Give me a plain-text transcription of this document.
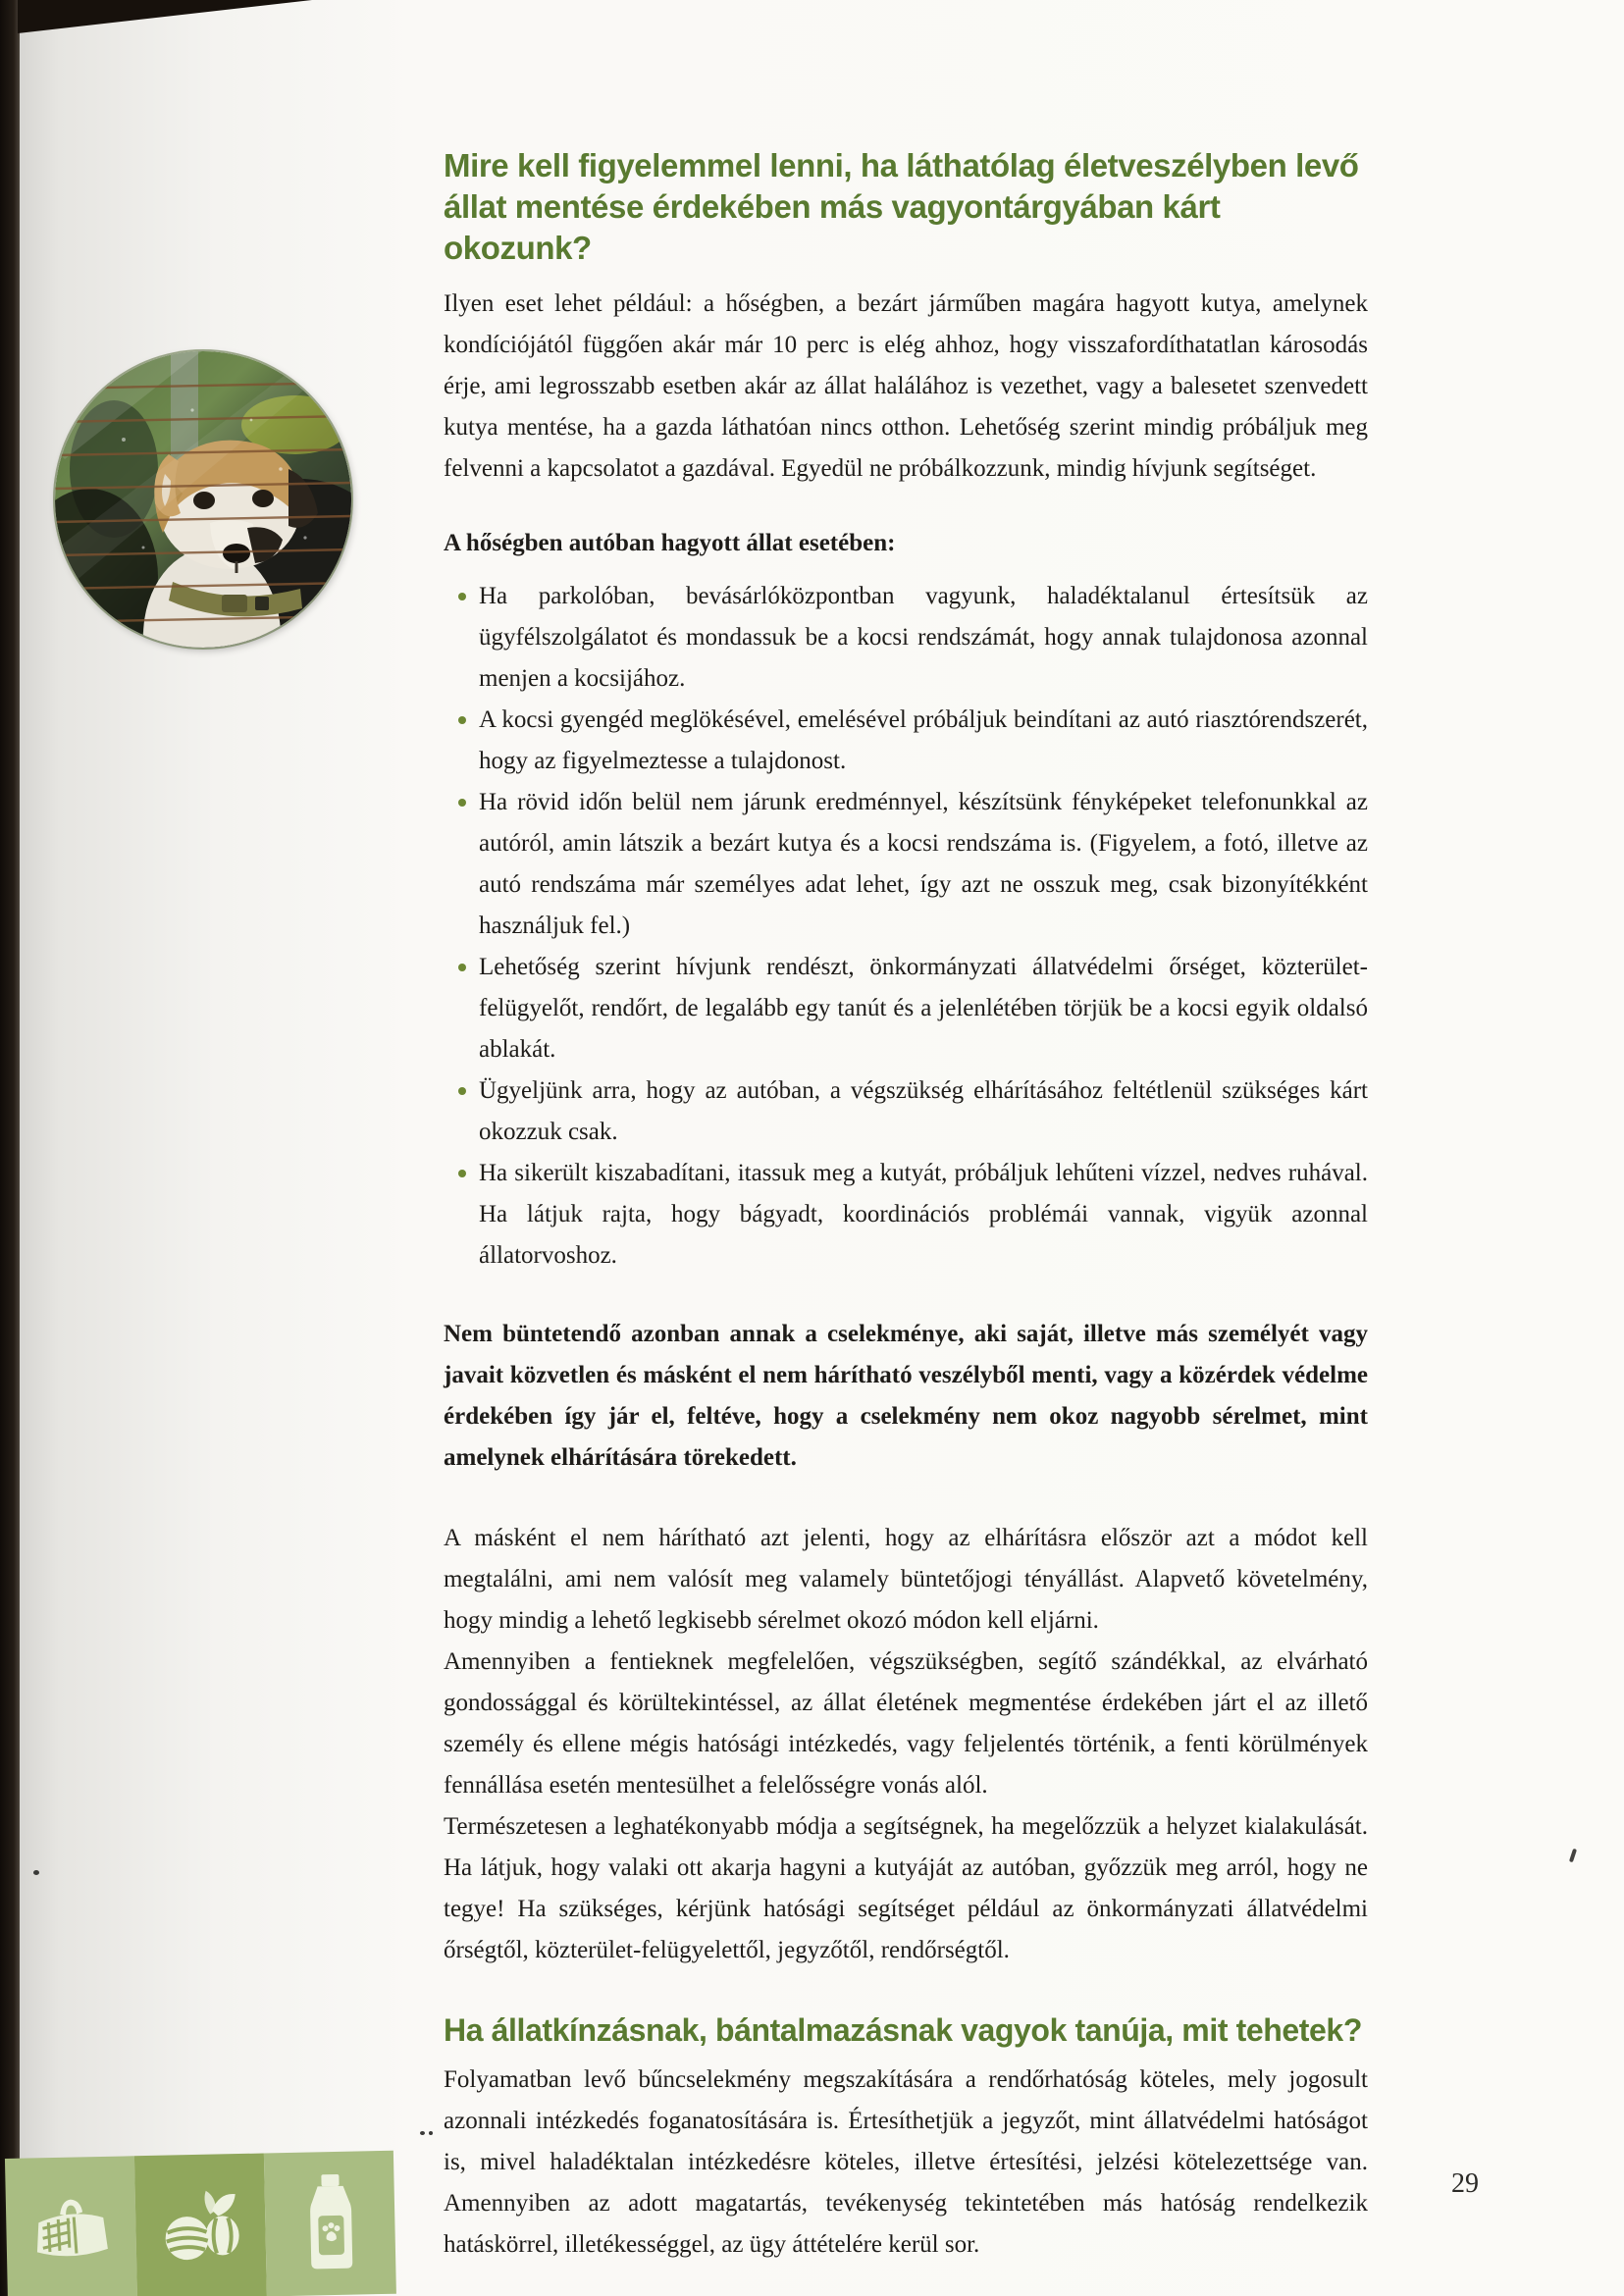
Mire kell figyelemmel lenni, ha láthatólag életveszélyben levő állat mentése érdekében más vagyontárgyában kárt okozunk?

Ilyen eset lehet például: a hőségben, a bezárt járműben magára hagyott kutya, amelynek kondíciójától függően akár már 10 perc is elég ahhoz, hogy visszafordíthatatlan károsodás érje, ami legrosszabb esetben akár az állat halálához is vezethet, vagy a balesetet szenvedett kutya mentése, ha a gazda láthatóan nincs otthon. Lehetőség szerint mindig próbáljuk meg felvenni a kapcsolatot a gazdával. Egyedül ne próbálkozzunk, mindig hívjunk segítséget.

A hőségben autóban hagyott állat esetében:

Ha parkolóban, bevásárlóközpontban vagyunk, haladéktalanul értesítsük az ügyfélszolgálatot és mondassuk be a kocsi rendszámát, hogy annak tulajdonosa azonnal menjen a kocsijához.
A kocsi gyengéd meglökésével, emelésével próbáljuk beindítani az autó riasztórendszerét, hogy az figyelmeztesse a tulajdonost.
Ha rövid időn belül nem járunk eredménnyel, készítsünk fényképeket telefonunkkal az autóról, amin látszik a bezárt kutya és a kocsi rendszáma is. (Figyelem, a fotó, illetve az autó rendszáma már személyes adat lehet, így azt ne osszuk meg, csak bizonyítékként használjuk fel.)
Lehetőség szerint hívjunk rendészt, önkormányzati állatvédelmi őrséget, közterület-felügyelőt, rendőrt, de legalább egy tanút és a jelenlétében törjük be a kocsi egyik oldalsó ablakát.
Ügyeljünk arra, hogy az autóban, a végszükség elhárításához feltétlenül szükséges kárt okozzuk csak.
Ha sikerült kiszabadítani, itassuk meg a kutyát, próbáljuk lehűteni vízzel, nedves ruhával. Ha látjuk rajta, hogy bágyadt, koordinációs problémái vannak, vigyük azonnal állatorvoshoz.

Nem büntetendő azonban annak a cselekménye, aki saját, illetve más személyét vagy javait közvetlen és másként el nem hárítható veszélyből menti, vagy a közérdek védelme érdekében így jár el, feltéve, hogy a cselekmény nem okoz nagyobb sérelmet, mint amelynek elhárítására törekedett.

A másként el nem hárítható azt jelenti, hogy az elhárításra először azt a módot kell megtalálni, ami nem valósít meg valamely büntetőjogi tényállást. Alapvető követelmény, hogy mindig a lehető legkisebb sérelmet okozó módon kell eljárni.

Amennyiben a fentieknek megfelelően, végszükségben, segítő szándékkal, az elvárható gondossággal és körültekintéssel, az állat életének megmentése érdekében járt el az illető személy és ellene mégis hatósági intézkedés, vagy feljelentés történik, a fenti körülmények fennállása esetén mentesülhet a felelősségre vonás alól.

Természetesen a leghatékonyabb módja a segítségnek, ha megelőzzük a helyzet kialakulását. Ha látjuk, hogy valaki ott akarja hagyni a kutyáját az autóban, győzzük meg arról, hogy ne tegye! Ha szükséges, kérjünk hatósági segítséget például az önkormányzati állatvédelmi őrségtől, közterület-felügyelettől, jegyzőtől, rendőrségtől.

Ha állatkínzásnak, bántalmazásnak vagyok tanúja, mit tehetek?

Folyamatban levő bűncselekmény megszakítására a rendőrhatóság köteles, mely jogosult azonnali intézkedés foganatosítására is. Értesíthetjük a jegyzőt, mint állatvédelmi hatóságot is, mivel haladéktalan intézkedésre köteles, illetve értesítési, jelzési kötelezettsége van. Amennyiben az adott magatartás, tevékenység tekintetében más hatóság rendelkezik hatáskörrel, illetékességgel, az ügy áttételére kerül sor.

29
